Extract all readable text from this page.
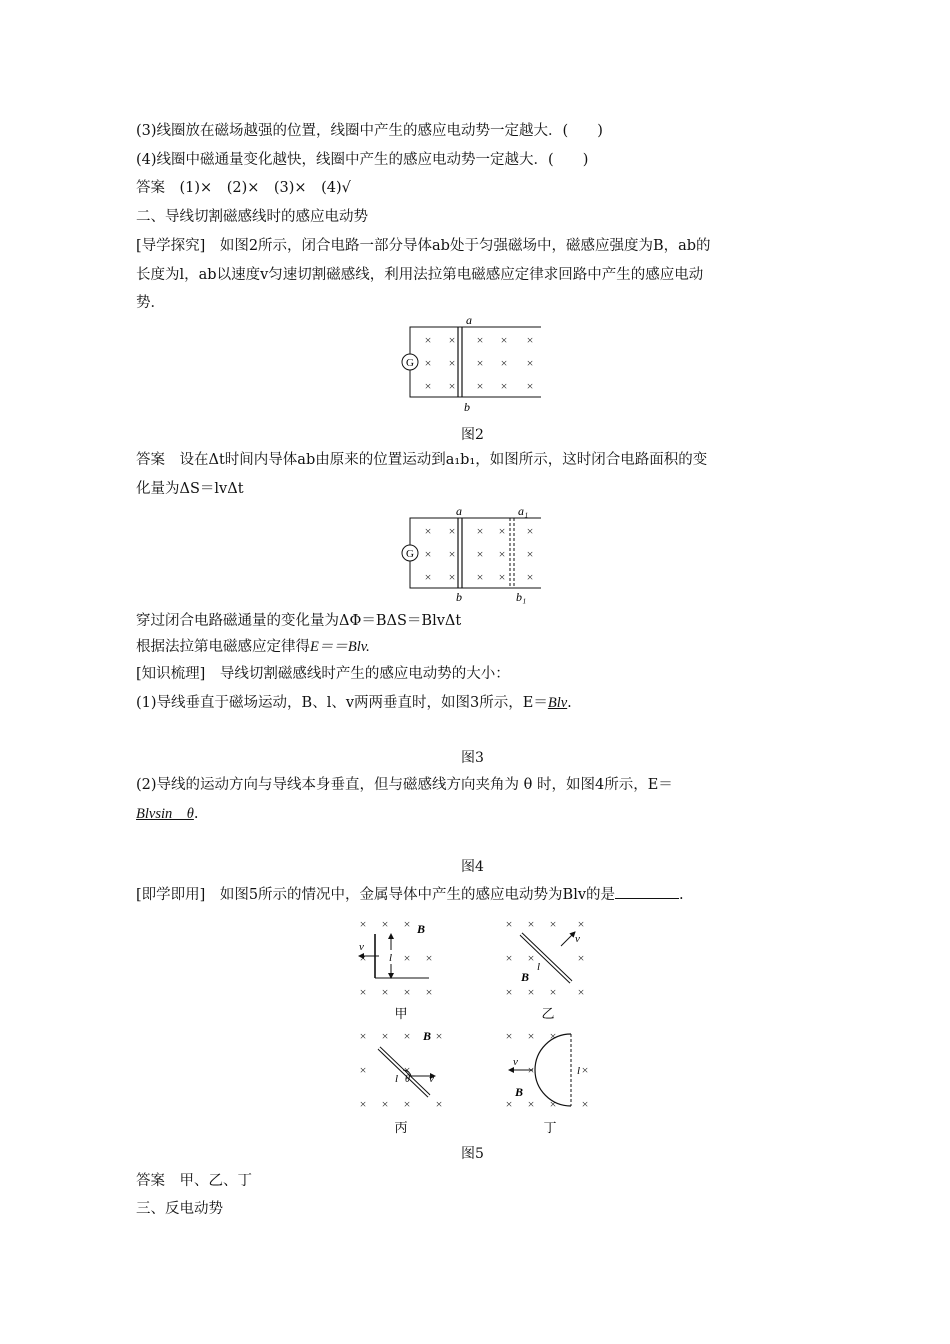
(3)线圈放在磁场越强的位置，线圈中产生的感应电动势一定越大．(　　)
(4)线圈中磁通量变化越快，线圈中产生的感应电动势一定越大．(　　)
答案　(1)×　(2)×　(3)×　(4)√
二、导线切割磁感线时的感应电动势
[导学探究]　如图2所示，闭合电路一部分导体ab处于匀强磁场中，磁感应强度为B，ab的
长度为l，ab以速度v匀速切割磁感线，利用法拉第电磁感应定律求回路中产生的感应电动
势．
G
× × × × ×
× × × × ×
× × × × ×
a
b
图2
答案　设在Δt时间内导体ab由原来的位置运动到a₁b₁，如图所示，这时闭合电路面积的变
化量为ΔS＝lvΔt
G
× × × × ×
× × × × ×
× × × × ×
a
b
a₁
b₁
穿过闭合电路磁通量的变化量为ΔΦ＝BΔS＝BlvΔt
根据法拉第电磁感应定律得E＝＝Blv.
[知识梳理]　导线切割磁感线时产生的感应电动势的大小：
(1)导线垂直于磁场运动，B、l、v两两垂直时，如图3所示，E＝Blv.
图3
(2)导线的运动方向与导线本身垂直，但与磁感线方向夹角为 θ 时，如图4所示，E＝
Blvsin　θ.
图4
[即学即用]　如图5所示的情况中，金属导体中产生的感应电动势为Blv的是	.
× × ×
×	× ×
× × × ×
× × × ×
× ×	×
× × × ×
× × × ×
×	×
× × × ×
× × ×
×	×
× × × ×
B
v
l
甲
v
l
B
乙
B
l θ v
丙
v
l
B
丁
图5
答案　甲、乙、丁
三、反电动势
